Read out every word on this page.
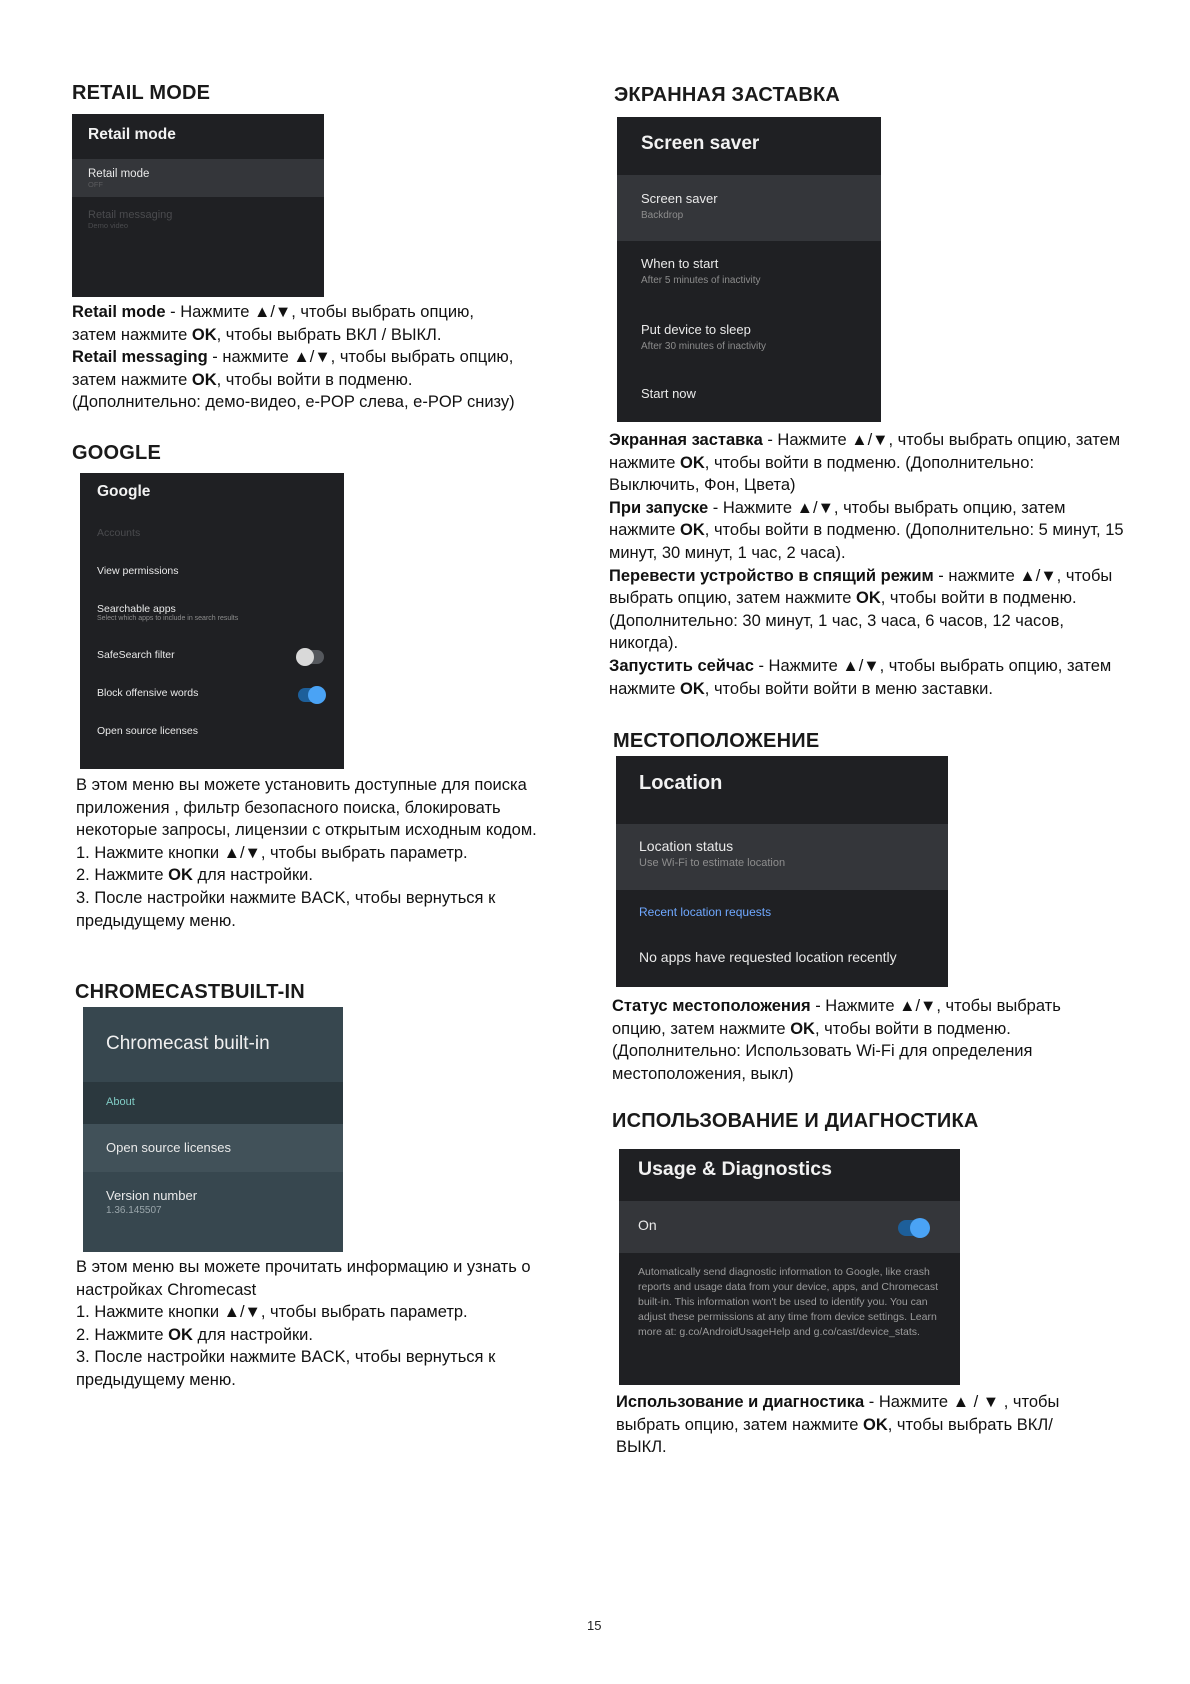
RETAIL MODE
Retail mode
Retail mode
OFF
Retail messaging
Demo video

Retail mode - Нажмите ▲/▼, чтобы выбрать опцию,

затем нажмите OK, чтобы выбрать ВКЛ / ВЫКЛ.

Retail messaging - нажмите ▲/▼, чтобы выбрать опцию,

затем нажмите OK, чтобы войти в подменю.

(Дополнительно: демо-видео, e-POP слева, e-POP снизу)

GOOGLE
Google
Accounts
View permissions
Searchable apps
Select which apps to include in search results
SafeSearch filter
Block offensive words
Open source licenses

В этом меню вы можете установить доступные для поиска приложения , фильтр безопасного поиска, блокировать некоторые запросы, лицензии с открытым исходным кодом.

1. Нажмите кнопки ▲/▼, чтобы выбрать параметр.

2. Нажмите OK для настройки.

3. После настройки нажмите BACK, чтобы вернуться к предыдущему меню.

CHROMECASTBUILT-IN
Chromecast built-in
About
Open source licenses
Version number
1.36.145507

В этом меню вы можете прочитать информацию и узнать о настройках Chromecast

1. Нажмите кнопки ▲/▼, чтобы выбрать параметр.

2. Нажмите OK для настройки.

3. После настройки нажмите BACK, чтобы вернуться к предыдущему меню.

ЭКРАННАЯ ЗАСТАВКА
Screen saver
Screen saver
Backdrop
When to start
After 5 minutes of inactivity
Put device to sleep
After 30 minutes of inactivity
Start now

Экранная заставка - Нажмите ▲/▼, чтобы выбрать опцию, затем нажмите OK, чтобы войти в подменю. (Дополнительно: Выключить, Фон, Цвета)

При запуске - Нажмите ▲/▼, чтобы выбрать опцию, затем нажмите OK, чтобы войти в подменю. (Дополнительно: 5 минут, 15 минут, 30 минут, 1 час, 2 часа).

Перевести устройство в спящий режим - нажмите ▲/▼, чтобы выбрать опцию, затем нажмите OK, чтобы войти в подменю. (Дополнительно: 30 минут, 1 час, 3 часа, 6 часов, 12 часов, никогда).

Запустить сейчас - Нажмите ▲/▼, чтобы выбрать опцию, затем нажмите OK, чтобы войти войти в меню заставки.

МЕСТОПОЛОЖЕНИЕ
Location
Location status
Use Wi-Fi to estimate location
Recent location requests
No apps have requested location recently

Статус местоположения - Нажмите ▲/▼, чтобы выбрать опцию, затем нажмите OK, чтобы войти в подменю. (Дополнительно: Использовать Wi-Fi для определения местоположения, выкл)

ИСПОЛЬЗОВАНИЕ И ДИАГНОСТИКА
Usage & Diagnostics
On
Automatically send diagnostic information to Google, like crash reports and usage data from your device, apps, and Chromecast built-in. This information won't be used to identify you. You can adjust these permissions at any time from device settings. Learn more at: g.co/AndroidUsageHelp and g.co/cast/device_stats.

Использование и диагностика - Нажмите ▲ / ▼ , чтобы выбрать опцию, затем нажмите OK, чтобы выбрать ВКЛ/ ВЫКЛ.

15
